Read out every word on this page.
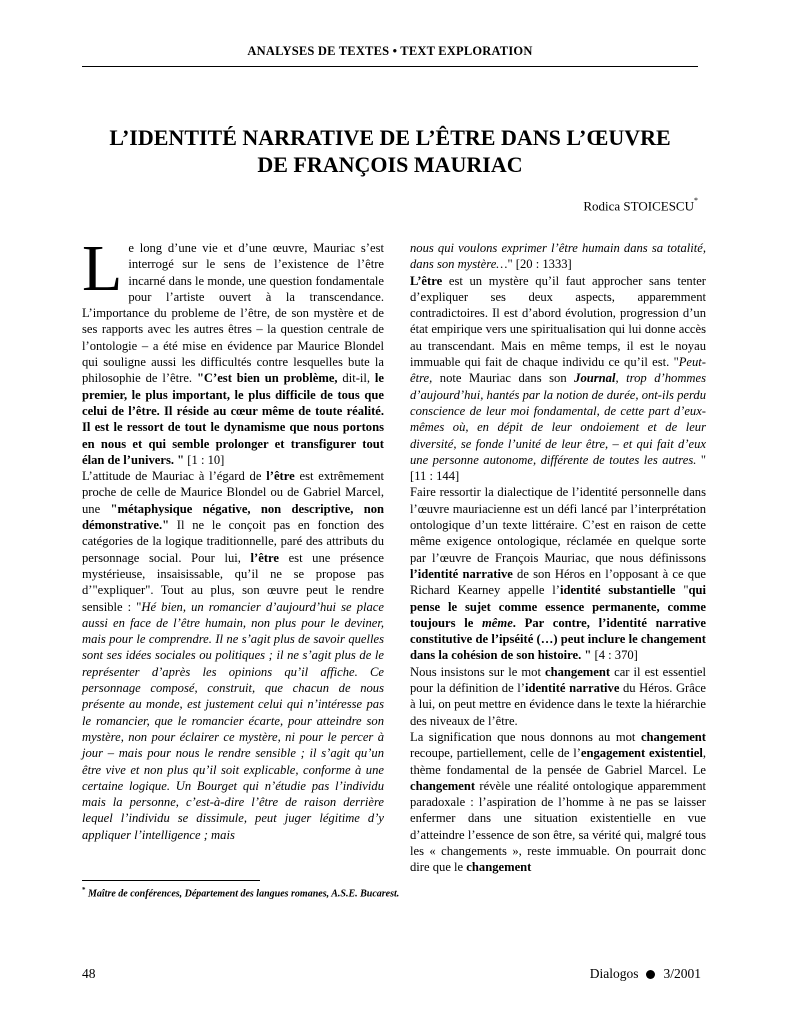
ANALYSES DE TEXTES • TEXT EXPLORATION
L’IDENTITÉ NARRATIVE DE L’ÊTRE DANS L’ŒUVRE
DE FRANÇOIS MAURIAC
Rodica STOICESCU*

Le long d’une vie et d’une œuvre, Mauriac s’est interrogé sur le sens de l’existence de l’être incarné dans le monde, une question fondamentale pour l’artiste ouvert à la transcendance. L’importance du probleme de l’être, de son mystère et de ses rapports avec les autres êtres – la question centrale de l’ontologie – a été mise en évidence par Maurice Blondel qui souligne aussi les difficultés contre lesquelles bute la philosophie de l’être. "C’est bien un problème, dit-il, le premier, le plus important, le plus difficile de tous que celui de l’être. Il réside au cœur même de toute réalité. Il est le ressort de tout le dynamisme que nous portons en nous et qui semble prolonger et transfigurer tout élan de l’univers. " [1 : 10]

L’attitude de Mauriac à l’égard de l’être est extrêmement proche de celle de Maurice Blondel ou de Gabriel Marcel, une "métaphysique négative, non descriptive, non démonstrative." Il ne le conçoit pas en fonction des catégories de la logique traditionnelle, paré des attributs du personnage social. Pour lui, l’être est une présence mystérieuse, insaisissable, qu’il ne se propose pas d’"expliquer". Tout au plus, son œuvre peut le rendre sensible : "Hé bien, un romancier d’aujourd’hui se place aussi en face de l’être humain, non plus pour le deviner, mais pour le comprendre. Il ne s’agit plus de savoir quelles sont ses idées sociales ou politiques ; il ne s’agit plus de le représenter d’après les opinions qu’il affiche. Ce personnage composé, construit, que chacun de nous présente au monde, est justement celui qui n’intéresse pas le romancier, que le romancier écarte, pour atteindre son mystère, non pour éclairer ce mystère, ni pour le percer à jour – mais pour nous le rendre sensible ; il s’agit qu’un être vive et non plus qu’il soit explicable, conforme à une certaine logique. Un Bourget qui n’étudie pas l’individu mais la personne, c’est-à-dire l’être de raison derrière lequel l’individu se dissimule, peut juger légitime d’y appliquer l’intelligence ; mais

nous qui voulons exprimer l’être humain dans sa totalité, dans son mystère…" [20 : 1333]

L’être est un mystère qu’il faut approcher sans tenter d’expliquer ses deux aspects, apparemment contradictoires. Il est d’abord évolution, progression d’un état empirique vers une spiritualisation qui lui donne accès au transcendant. Mais en même temps, il est le noyau immuable qui fait de chaque individu ce qu’il est. "Peut-être, note Mauriac dans son Journal, trop d’hommes d’aujourd’hui, hantés par la notion de durée, ont-ils perdu conscience de leur moi fondamental, de cette part d’eux-mêmes où, en dépit de leur ondoiement et de leur diversité, se fonde l’unité de leur être, – et qui fait d’eux une personne autonome, différente de toutes les autres. " [11 : 144]

Faire ressortir la dialectique de l’identité personnelle dans l’œuvre mauriacienne est un défi lancé par l’interprétation ontologique d’un texte littéraire. C’est en raison de cette même exigence ontologique, réclamée en quelque sorte par l’œuvre de François Mauriac, que nous définissons l’identité narrative de son Héros en l’opposant à ce que Richard Kearney appelle l’identité substantielle "qui pense le sujet comme essence permanente, comme toujours le même. Par contre, l’identité narrative constitutive de l’ipséité (…) peut inclure le changement dans la cohésion de son histoire. " [4 : 370]

Nous insistons sur le mot changement car il est essentiel pour la définition de l’identité narrative du Héros. Grâce à lui, on peut mettre en évidence dans le texte la hiérarchie des niveaux de l’être.

La signification que nous donnons au mot changement recoupe, partiellement, celle de l’engagement existentiel, thème fondamental de la pensée de Gabriel Marcel. Le changement révèle une réalité ontologique apparemment paradoxale : l’aspiration de l’homme à ne pas se laisser enfermer dans une situation existentielle en vue d’atteindre l’essence de son être, sa vérité qui, malgré tous les « changements », reste immuable. On pourrait donc dire que le changement

* Maître de conférences, Département des langues romanes, A.S.E. Bucarest.
48	Dialogos 3/2001
